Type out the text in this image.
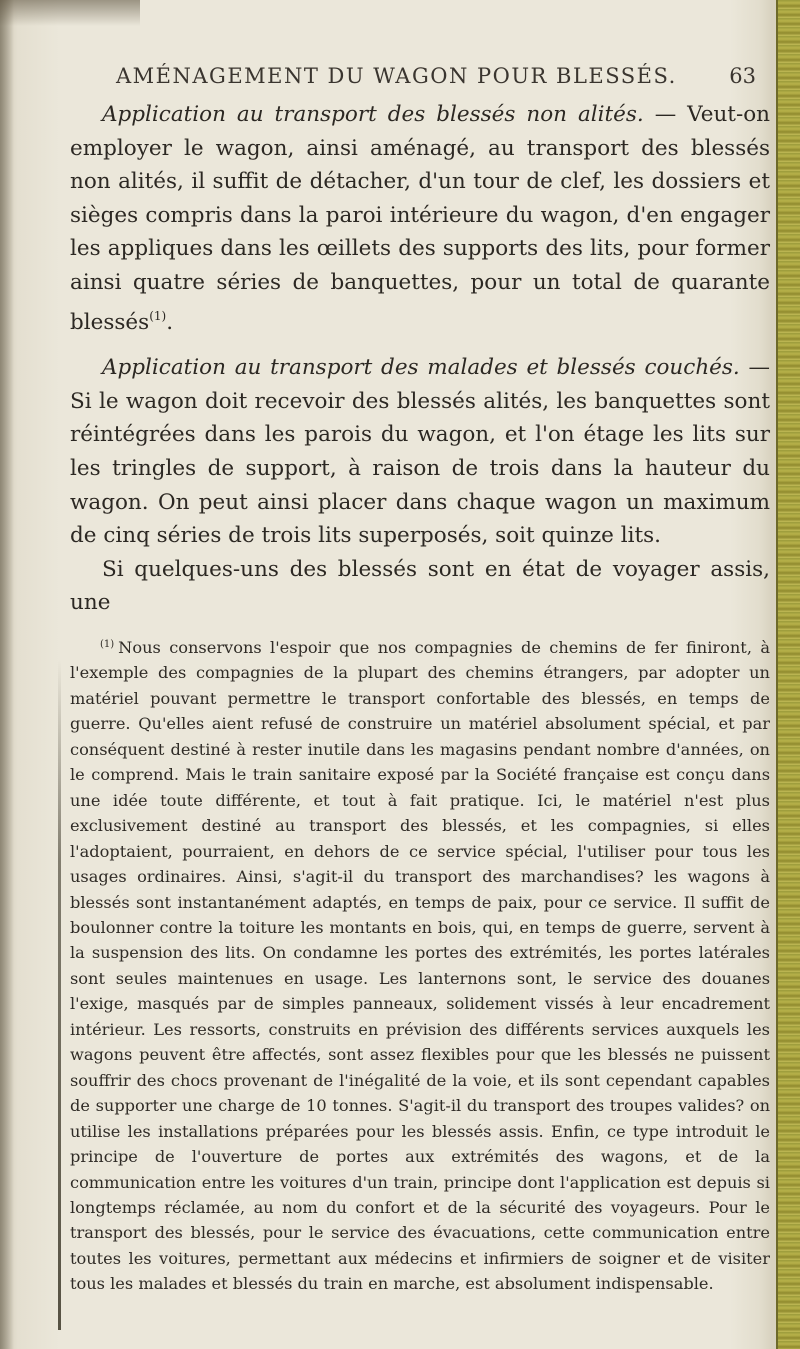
AMÉNAGEMENT DU WAGON POUR BLESSÉS. 63

Application au transport des blessés non alités. — Veut-on employer le wagon, ainsi aménagé, au transport des blessés non alités, il suffit de détacher, d'un tour de clef, les dossiers et sièges compris dans la paroi intérieure du wagon, d'en engager les appliques dans les œillets des supports des lits, pour former ainsi quatre séries de banquettes, pour un total de quarante blessés$^{(1)}$.

Application au transport des malades et blessés couchés. — Si le wagon doit recevoir des blessés alités, les banquettes sont réintégrées dans les parois du wagon, et l'on étage les lits sur les tringles de support, à raison de trois dans la hauteur du wagon. On peut ainsi placer dans chaque wagon un maximum de cinq séries de trois lits superposés, soit quinze lits.

Si quelques-uns des blessés sont en état de voyager assis, une

$^{(1)}$ Nous conservons l'espoir que nos compagnies de chemins de fer finiront, à l'exemple des compagnies de la plupart des chemins étrangers, par adopter un matériel pouvant permettre le transport confortable des blessés, en temps de guerre. Qu'elles aient refusé de construire un matériel absolument spécial, et par conséquent destiné à rester inutile dans les magasins pendant nombre d'années, on le comprend. Mais le train sanitaire exposé par la Société française est conçu dans une idée toute différente, et tout à fait pratique. Ici, le matériel n'est plus exclusivement destiné au transport des blessés, et les compagnies, si elles l'adoptaient, pourraient, en dehors de ce service spécial, l'utiliser pour tous les usages ordinaires. Ainsi, s'agit-il du transport des marchandises? les wagons à blessés sont instantanément adaptés, en temps de paix, pour ce service. Il suffit de boulonner contre la toiture les montants en bois, qui, en temps de guerre, servent à la suspension des lits. On condamne les portes des extrémités, les portes latérales sont seules maintenues en usage. Les lanternons sont, le service des douanes l'exige, masqués par de simples panneaux, solidement vissés à leur encadrement intérieur. Les ressorts, construits en prévision des différents services auxquels les wagons peuvent être affectés, sont assez flexibles pour que les blessés ne puissent souffrir des chocs provenant de l'inégalité de la voie, et ils sont cependant capables de supporter une charge de 10 tonnes. S'agit-il du transport des troupes valides? on utilise les installations préparées pour les blessés assis. Enfin, ce type introduit le principe de l'ouverture de portes aux extrémités des wagons, et de la communication entre les voitures d'un train, principe dont l'application est depuis si longtemps réclamée, au nom du confort et de la sécurité des voyageurs. Pour le transport des blessés, pour le service des évacuations, cette communication entre toutes les voitures, permettant aux médecins et infirmiers de soigner et de visiter tous les malades et blessés du train en marche, est absolument indispensable.
